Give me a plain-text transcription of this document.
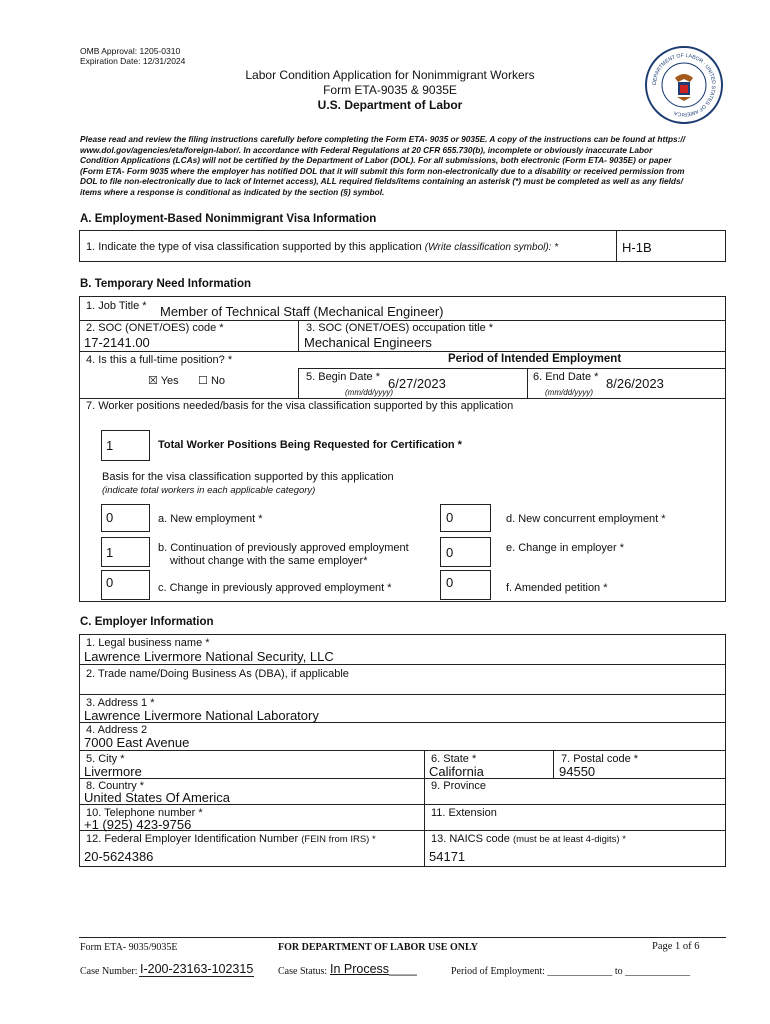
OMB Approval: 1205-0310
Expiration Date: 12/31/2024
Labor Condition Application for Nonimmigrant Workers
Form ETA-9035 & 9035E
U.S. Department of Labor
DEPARTMENT OF LABOR · UNITED STATES OF AMERICA
Please read and review the filing instructions carefully before completing the Form ETA- 9035 or 9035E. A copy of the instructions can be found at https://
www.dol.gov/agencies/eta/foreign-labor/. In accordance with Federal Regulations at 20 CFR 655.730(b), incomplete or obviously inaccurate Labor
Condition Applications (LCAs) will not be certified by the Department of Labor (DOL). For all submissions, both electronic (Form ETA- 9035E) or paper
(Form ETA- Form 9035 where the employer has notified DOL that it will submit this form non-electronically due to a disability or received permission from
DOL to file non-electronically due to lack of Internet access), ALL required fields/items containing an asterisk (*) must be completed as well as any fields/
items where a response is conditional as indicated by the section (§) symbol.
A. Employment-Based Nonimmigrant Visa Information
1. Indicate the type of visa classification supported by this application (Write classification symbol): *	H-1B
B. Temporary Need Information
1. Job Title * Member of Technical Staff (Mechanical Engineer)
2. SOC (ONET/OES) code *
17-2141.00
3. SOC (ONET/OES) occupation title *
Mechanical Engineers
4. Is this a full-time position? *	Period of Intended Employment
☒ Yes ☐ No	5. Begin Date * 6/27/2023
(mm/dd/yyyy)
6. End Date * 8/26/2023
(mm/dd/yyyy)
7. Worker positions needed/basis for the visa classification supported by this application
1	Total Worker Positions Being Requested for Certification *
Basis for the visa classification supported by this application
(indicate total workers in each applicable category)
0	a. New employment *
1	b. Continuation of previously approved employment
without change with the same employer*
0	c. Change in previously approved employment *
0	d. New concurrent employment *
0	e. Change in employer *
0	f. Amended petition *
C. Employer Information
1. Legal business name *
Lawrence Livermore National Security, LLC
2. Trade name/Doing Business As (DBA), if applicable
3. Address 1 *
Lawrence Livermore National Laboratory
4. Address 2
7000 East Avenue
5. City *
Livermore
6. State *
California
7. Postal code *
94550
8. Country *
United States Of America
9. Province
10. Telephone number *
+1 (925) 423-9756
11. Extension
12. Federal Employer Identification Number (FEIN from IRS) *
20-5624386
13. NAICS code (must be at least 4-digits) *
54171
Form ETA- 9035/9035E	FOR DEPARTMENT OF LABOR USE ONLY	Page 1 of 6
Case Number: I-200-23163-102315 Case Status: In Process____	Period of Employment: _____________ to _____________
